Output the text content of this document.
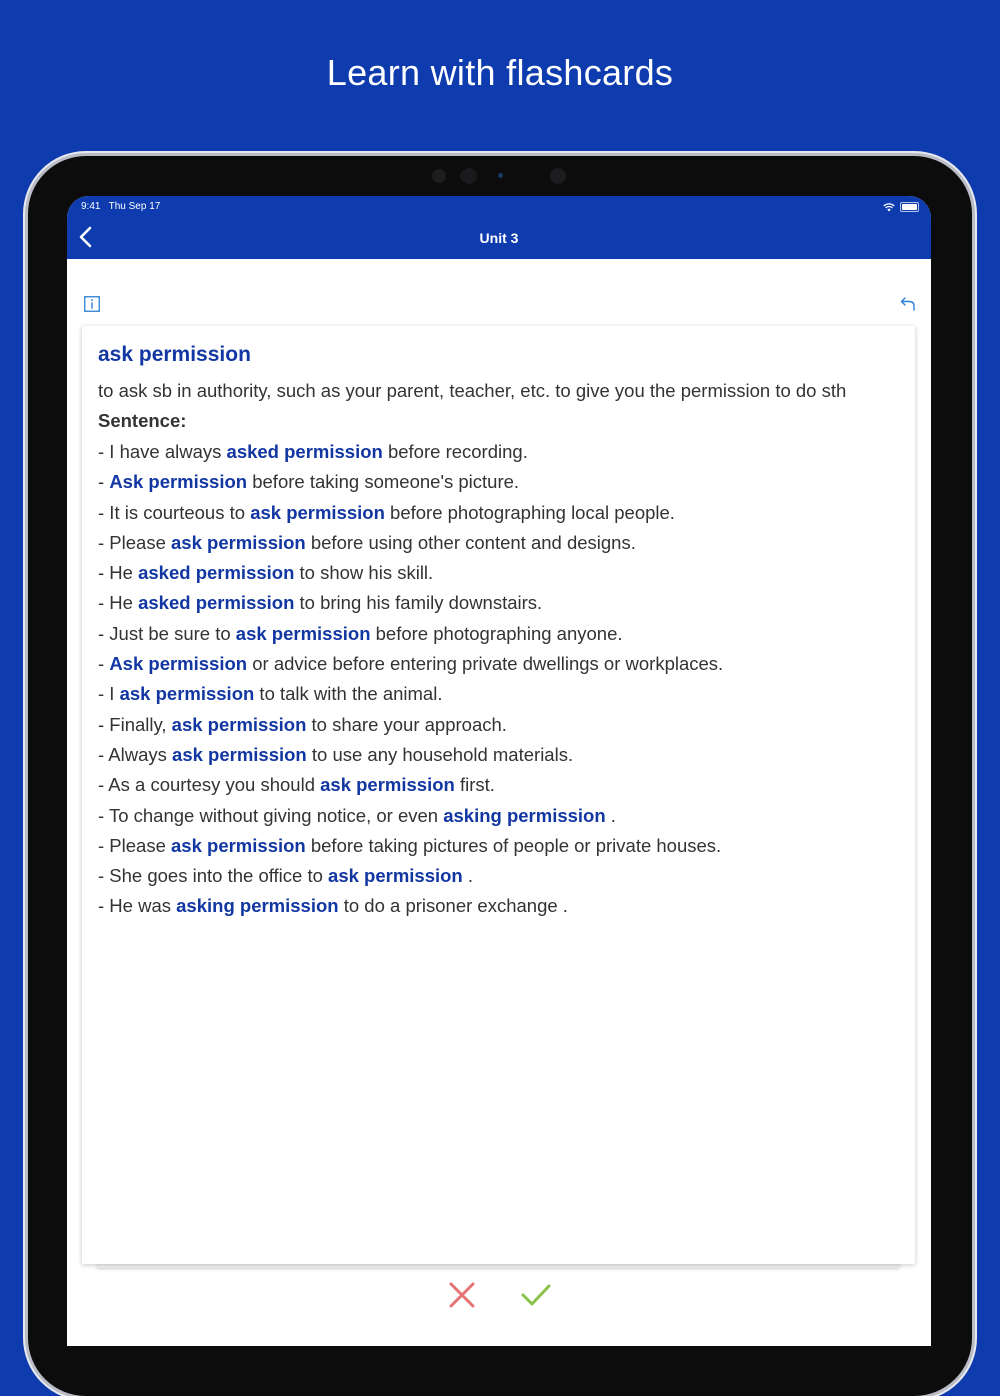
Learn with flashcards
9:41 Thu Sep 17
Unit 3
ask permission
to ask sb in authority, such as your parent, teacher, etc. to give you the permission to do sth
Sentence:
- I have always asked permission before recording.
- Ask permission before taking someone's picture.
- It is courteous to ask permission before photographing local people.
- Please ask permission before using other content and designs.
- He asked permission to show his skill.
- He asked permission to bring his family downstairs.
- Just be sure to ask permission before photographing anyone.
- Ask permission or advice before entering private dwellings or workplaces.
- I ask permission to talk with the animal.
- Finally, ask permission to share your approach.
- Always ask permission to use any household materials.
- As a courtesy you should ask permission first.
- To change without giving notice, or even asking permission .
- Please ask permission before taking pictures of people or private houses.
- She goes into the office to ask permission .
- He was asking permission to do a prisoner exchange .
